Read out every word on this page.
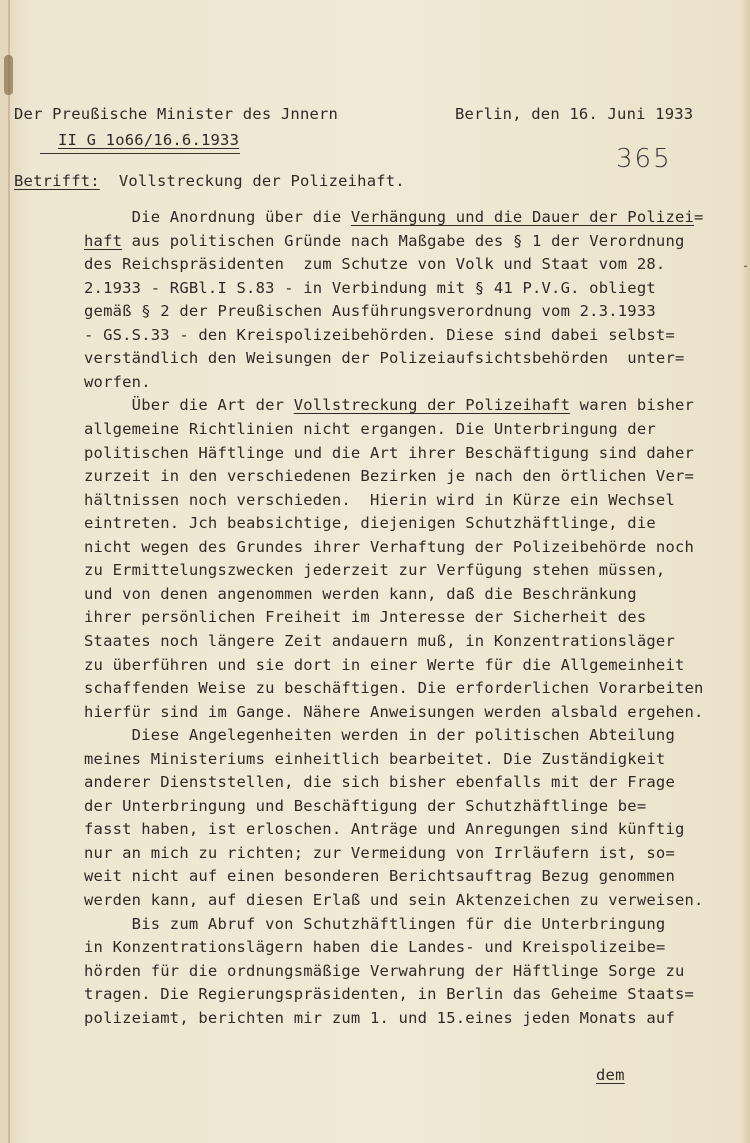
Der Preußische Minister des Jnnern
II G 1o66/16.6.1933
Berlin, den 16. Juni 1933
365
Betrifft: Vollstreckung der Polizeihaft.
Die Anordnung über die Verhängung und die Dauer der Polizei=
haft aus politischen Gründe nach Maßgabe des § 1 der Verordnung
des Reichspräsidenten  zum Schutze von Volk und Staat vom 28.
2.1933 - RGBl.I S.83 - in Verbindung mit § 41 P.V.G. obliegt
gemäß § 2 der Preußischen Ausführungsverordnung vom 2.3.1933
- GS.S.33 - den Kreispolizeibehörden. Diese sind dabei selbst=
verständlich den Weisungen der Polizeiaufsichtsbehörden  unter=
worfen.
Über die Art der Vollstreckung der Polizeihaft waren bisher
allgemeine Richtlinien nicht ergangen. Die Unterbringung der
politischen Häftlinge und die Art ihrer Beschäftigung sind daher
zurzeit in den verschiedenen Bezirken je nach den örtlichen Ver=
hältnissen noch verschieden.  Hierin wird in Kürze ein Wechsel
eintreten. Jch beabsichtige, diejenigen Schutzhäftlinge, die
nicht wegen des Grundes ihrer Verhaftung der Polizeibehörde noch
zu Ermittelungszwecken jederzeit zur Verfügung stehen müssen,
und von denen angenommen werden kann, daß die Beschränkung
ihrer persönlichen Freiheit im Jnteresse der Sicherheit des
Staates noch längere Zeit andauern muß, in Konzentrationsläger
zu überführen und sie dort in einer Werte für die Allgemeinheit
schaffenden Weise zu beschäftigen. Die erforderlichen Vorarbeiten
hierfür sind im Gange. Nähere Anweisungen werden alsbald ergehen.
Diese Angelegenheiten werden in der politischen Abteilung
meines Ministeriums einheitlich bearbeitet. Die Zuständigkeit
anderer Dienststellen, die sich bisher ebenfalls mit der Frage
der Unterbringung und Beschäftigung der Schutzhäftlinge be=
fasst haben, ist erloschen. Anträge und Anregungen sind künftig
nur an mich zu richten; zur Vermeidung von Irrläufern ist, so=
weit nicht auf einen besonderen Berichtsauftrag Bezug genommen
werden kann, auf diesen Erlaß und sein Aktenzeichen zu verweisen.
Bis zum Abruf von Schutzhäftlingen für die Unterbringung
in Konzentrationslägern haben die Landes- und Kreispolizeibe=
hörden für die ordnungsmäßige Verwahrung der Häftlinge Sorge zu
tragen. Die Regierungspräsidenten, in Berlin das Geheime Staats=
polizeiamt, berichten mir zum 1. und 15.eines jeden Monats auf
dem
⁃
